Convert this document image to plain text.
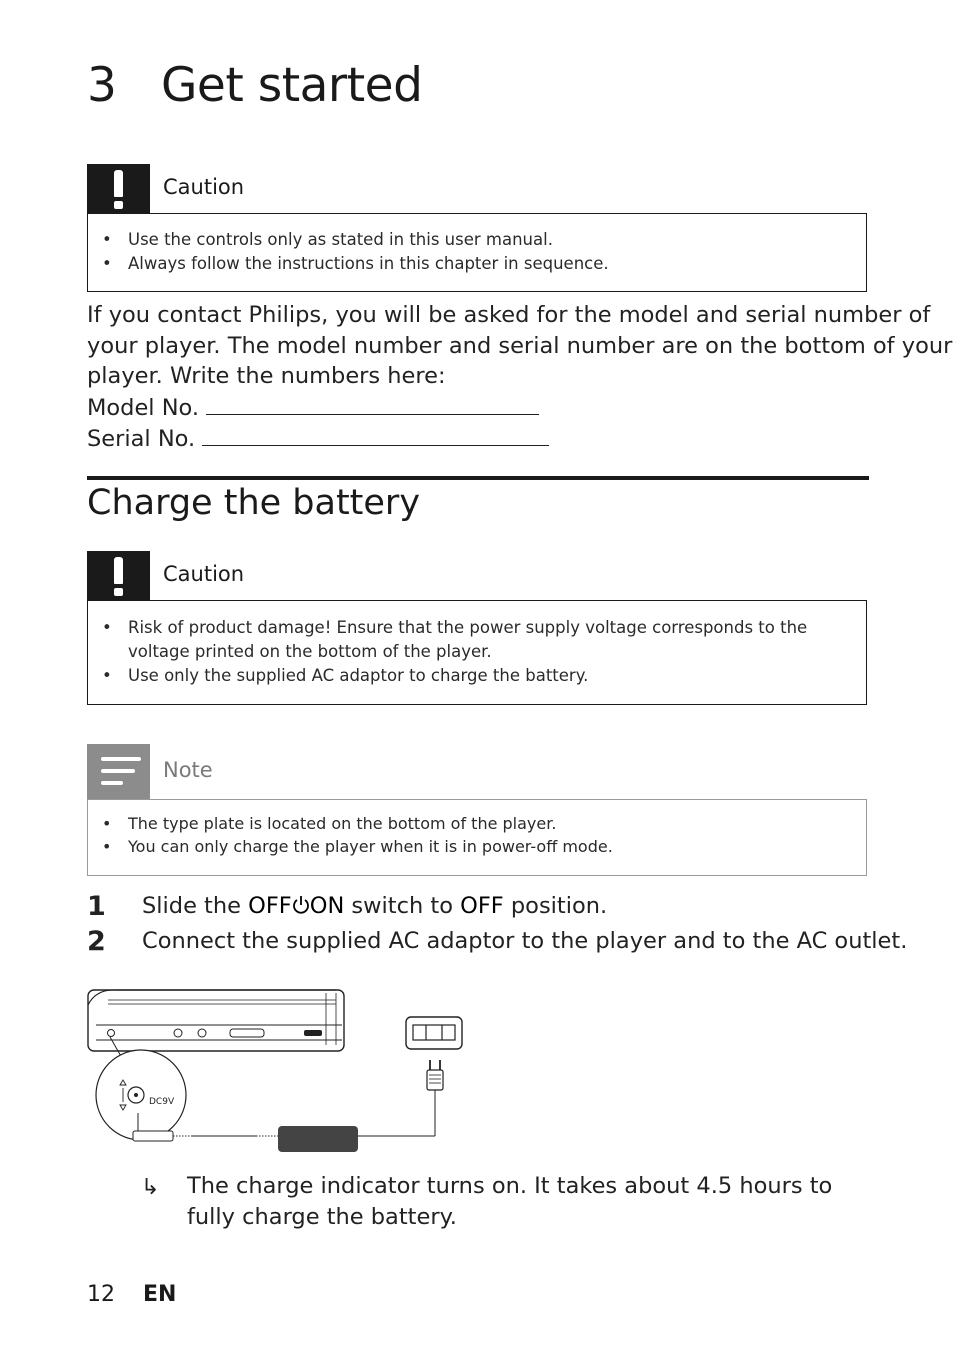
3 Get started
Caution
• Use the controls only as stated in this user manual.
• Always follow the instructions in this chapter in sequence.

If you contact Philips, you will be asked for the model and serial number of

your player. The model number and serial number are on the bottom of your

player. Write the numbers here:

Model No.

Serial No.

Charge the battery
Caution
• Risk of product damage! Ensure that the power supply voltage corresponds to the voltage printed on the bottom of the player.
• Use only the supplied AC adaptor to charge the battery.
Note
• The type plate is located on the bottom of the player.
• You can only charge the player when it is in power-off mode.
1 Slide the OFF ON switch to OFF position.
2 Connect the supplied AC adaptor to the player and to the AC outlet.
DC9V
↳ The charge indicator turns on. It takes about 4.5 hours to fully charge the battery.
12 EN
